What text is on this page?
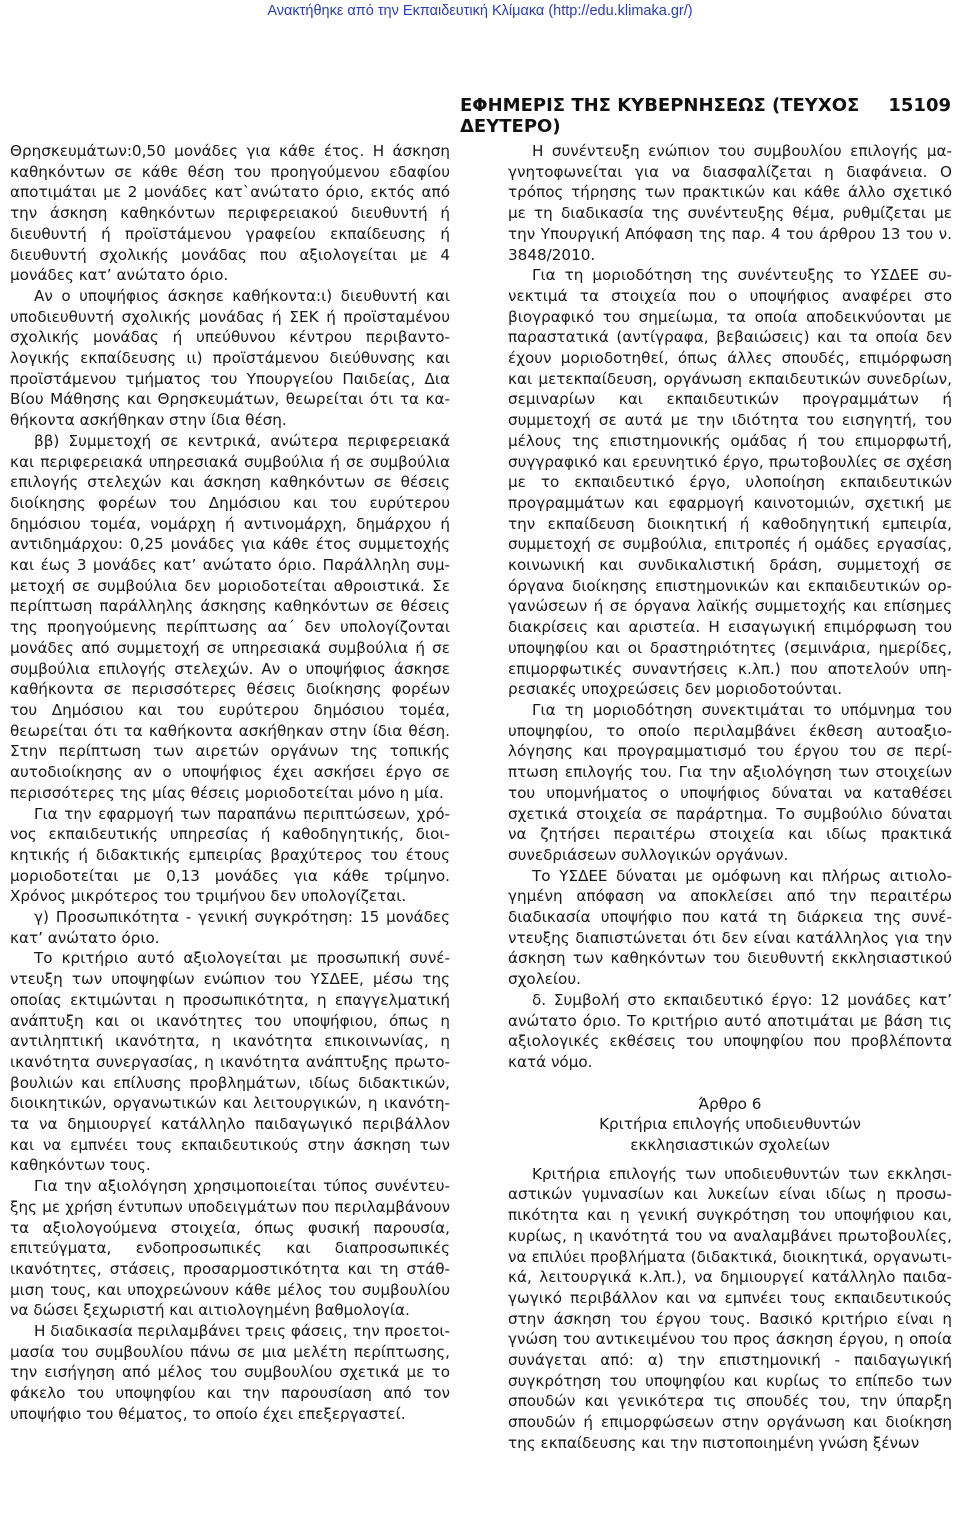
Ανακτήθηκε από την Εκπαιδευτική Κλίμακα (http://edu.klimaka.gr/)
ΕΦΗΜΕΡΙΣ ΤΗΣ ΚΥΒΕΡΝΗΣΕΩΣ (ΤΕΥΧΟΣ ΔΕΥΤΕΡΟ)
15109

Θρησκευμάτων:0,50 μονάδες για κάθε έτος. Η άσκηση καθηκόντων σε κάθε θέση του προηγούμενου εδαφίου αποτιμάται με 2 μονάδες κατ`ανώτατο όριο, εκτός από την άσκηση καθηκόντων περιφερειακού διευθυντή ή διευθυντή ή προϊστάμενου γραφείου εκπαίδευσης ή διευθυντή σχολικής μονάδας που αξιολογείται με 4 μονάδες κατ’ ανώτατο όριο.

Αν ο υποψήφιος άσκησε καθήκοντα:ι) διευθυντή και υποδιευθυντή σχολικής μονάδας ή ΣΕΚ ή προϊσταμένου σχολικής μονάδας ή υπεύθυνου κέντρου περιβαντολογικής εκπαίδευσης ιι) προϊστάμενου διεύθυνσης και προϊστάμενου τμήματος του Υπουργείου Παιδείας, Δια Βίου Μάθησης και Θρησκευμάτων, θεωρείται ότι τα καθήκοντα ασκήθηκαν στην ίδια θέση.

ββ) Συμμετοχή σε κεντρικά, ανώτερα περιφερειακά και περιφερειακά υπηρεσιακά συμβούλια ή σε συμβούλια επιλογής στελεχών και άσκηση καθηκόντων σε θέσεις διοίκησης φορέων του Δημόσιου και του ευρύτερου δημόσιου τομέα, νομάρχη ή αντινομάρχη, δημάρχου ή αντιδημάρχου: 0,25 μονάδες για κάθε έτος συμμετοχής και έως 3 μονάδες κατ’ ανώτατο όριο. Παράλληλη συμμετοχή σε συμβούλια δεν μοριοδοτείται αθροιστικά. Σε περίπτωση παράλληλης άσκησης καθηκόντων σε θέσεις της προηγούμενης περίπτωσης αα΄ δεν υπολογίζονται μονάδες από συμμετοχή σε υπηρεσιακά συμβούλια ή σε συμβούλια επιλογής στελεχών. Αν ο υποψήφιος άσκησε καθήκοντα σε περισσότερες θέσεις διοίκησης φορέων του Δημόσιου και του ευρύτερου δημόσιου τομέα, θεωρείται ότι τα καθήκοντα ασκήθηκαν στην ίδια θέση. Στην περίπτωση των αιρετών οργάνων της τοπικής αυτοδιοίκησης αν ο υποψήφιος έχει ασκήσει έργο σε περισσότερες της μίας θέσεις μοριοδοτείται μόνο η μία.

Για την εφαρμογή των παραπάνω περιπτώσεων, χρόνος εκπαιδευτικής υπηρεσίας ή καθοδηγητικής, διοικητικής ή διδακτικής εμπειρίας βραχύτερος του έτους μοριοδοτείται με 0,13 μονάδες για κάθε τρίμηνο. Χρόνος μικρότερος του τριμήνου δεν υπολογίζεται.

γ) Προσωπικότητα - γενική συγκρότηση: 15 μονάδες κατ’ ανώτατο όριο.

Το κριτήριο αυτό αξιολογείται με προσωπική συνέντευξη των υποψηφίων ενώπιον του ΥΣΔΕΕ, μέσω της οποίας εκτιμώνται η προσωπικότητα, η επαγγελματική ανάπτυξη και οι ικανότητες του υποψήφιου, όπως η αντιληπτική ικανότητα, η ικανότητα επικοινωνίας, η ικανότητα συνεργασίας, η ικανότητα ανάπτυξης πρωτοβουλιών και επίλυσης προβλημάτων, ιδίως διδακτικών, διοικητικών, οργανωτικών και λειτουργικών, η ικανότητα να δημιουργεί κατάλληλο παιδαγωγικό περιβάλλον και να εμπνέει τους εκπαιδευτικούς στην άσκηση των καθηκόντων τους.

Για την αξιολόγηση χρησιμοποιείται τύπος συνέντευξης με χρήση έντυπων υποδειγμάτων που περιλαμβάνουν τα αξιολογούμενα στοιχεία, όπως φυσική παρουσία, επιτεύγματα, ενδοπροσωπικές και διαπροσωπικές ικανότητες, στάσεις, προσαρμοστικότητα και τη στάθμιση τους, και υποχρεώνουν κάθε μέλος του συμβουλίου να δώσει ξεχωριστή και αιτιολογημένη βαθμολογία.

Η διαδικασία περιλαμβάνει τρεις φάσεις, την προετοιμασία του συμβουλίου πάνω σε μια μελέτη περίπτωσης, την εισήγηση από μέλος του συμβουλίου σχετικά με το φάκελο του υποψηφίου και την παρουσίαση από τον υποψήφιο του θέματος, το οποίο έχει επεξεργαστεί.

Η συνέντευξη ενώπιον του συμβουλίου επιλογής μαγνητοφωνείται για να διασφαλίζεται η διαφάνεια. Ο τρόπος τήρησης των πρακτικών και κάθε άλλο σχετικό με τη διαδικασία της συνέντευξης θέμα, ρυθμίζεται με την Υπουργική Απόφαση της παρ. 4 του άρθρου 13 του ν. 3848/2010.

Για τη μοριοδότηση της συνέντευξης το ΥΣΔΕΕ συνεκτιμά τα στοιχεία που ο υποψήφιος αναφέρει στο βιογραφικό του σημείωμα, τα οποία αποδεικνύονται με παραστατικά (αντίγραφα, βεβαιώσεις) και τα οποία δεν έχουν μοριοδοτηθεί, όπως άλλες σπουδές, επιμόρφωση και μετεκπαίδευση, οργάνωση εκπαιδευτικών συνεδρίων, σεμιναρίων και εκπαιδευτικών προγραμμάτων ή συμμετοχή σε αυτά με την ιδιότητα του εισηγητή, του μέλους της επιστημονικής ομάδας ή του επιμορφωτή, συγγραφικό και ερευνητικό έργο, πρωτοβουλίες σε σχέση με το εκπαιδευτικό έργο, υλοποίηση εκπαιδευτικών προγραμμάτων και εφαρμογή καινοτομιών, σχετική με την εκπαίδευση διοικητική ή καθοδηγητική εμπειρία, συμμετοχή σε συμβούλια, επιτροπές ή ομάδες εργασίας, κοινωνική και συνδικαλιστική δράση, συμμετοχή σε όργανα διοίκησης επιστημονικών και εκπαιδευτικών οργανώσεων ή σε όργανα λαϊκής συμμετοχής και επίσημες διακρίσεις και αριστεία. Η εισαγωγική επιμόρφωση του υποψηφίου και οι δραστηριότητες (σεμινάρια, ημερίδες, επιμορφωτικές συναντήσεις κ.λπ.) που αποτελούν υπηρεσιακές υποχρεώσεις δεν μοριοδοτούνται.

Για τη μοριοδότηση συνεκτιμάται το υπόμνημα του υποψηφίου, το οποίο περιλαμβάνει έκθεση αυτοαξιολόγησης και προγραμματισμό του έργου του σε περίπτωση επιλογής του. Για την αξιολόγηση των στοιχείων του υπομνήματος ο υποψήφιος δύναται να καταθέσει σχετικά στοιχεία σε παράρτημα. Το συμβούλιο δύναται να ζητήσει περαιτέρω στοιχεία και ιδίως πρακτικά συνεδριάσεων συλλογικών οργάνων.

Το ΥΣΔΕΕ δύναται με ομόφωνη και πλήρως αιτιολογημένη απόφαση να αποκλείσει από την περαιτέρω διαδικασία υποψήφιο που κατά τη διάρκεια της συνέντευξης διαπιστώνεται ότι δεν είναι κατάλληλος για την άσκηση των καθηκόντων του διευθυντή εκκλησιαστικού σχολείου.

δ. Συμβολή στο εκπαιδευτικό έργο: 12 μονάδες κατ’ ανώτατο όριο. Το κριτήριο αυτό αποτιμάται με βάση τις αξιολογικές εκθέσεις του υποψηφίου που προβλέποντα κατά νόμο.

Άρθρο 6

Κριτήρια επιλογής υποδιευθυντών

εκκλησιαστικών σχολείων

Κριτήρια επιλογής των υποδιευθυντών των εκκλησιαστικών γυμνασίων και λυκείων είναι ιδίως η προσωπικότητα και η γενική συγκρότηση του υποψήφιου και, κυρίως, η ικανότητά του να αναλαμβάνει πρωτοβουλίες, να επιλύει προβλήματα (διδακτικά, διοικητικά, οργανωτικά, λειτουργικά κ.λπ.), να δημιουργεί κατάλληλο παιδαγωγικό περιβάλλον και να εμπνέει τους εκπαιδευτικούς στην άσκηση του έργου τους. Βασικό κριτήριο είναι η γνώση του αντικειμένου του προς άσκηση έργου, η οποία συνάγεται από: α) την επιστημονική - παιδαγωγική συγκρότηση του υποψηφίου και κυρίως το επίπεδο των σπουδών και γενικότερα τις σπουδές του, την ύπαρξη σπουδών ή επιμορφώσεων στην οργάνωση και διοίκηση της εκπαίδευσης και την πιστοποιημένη γνώση ξένων
